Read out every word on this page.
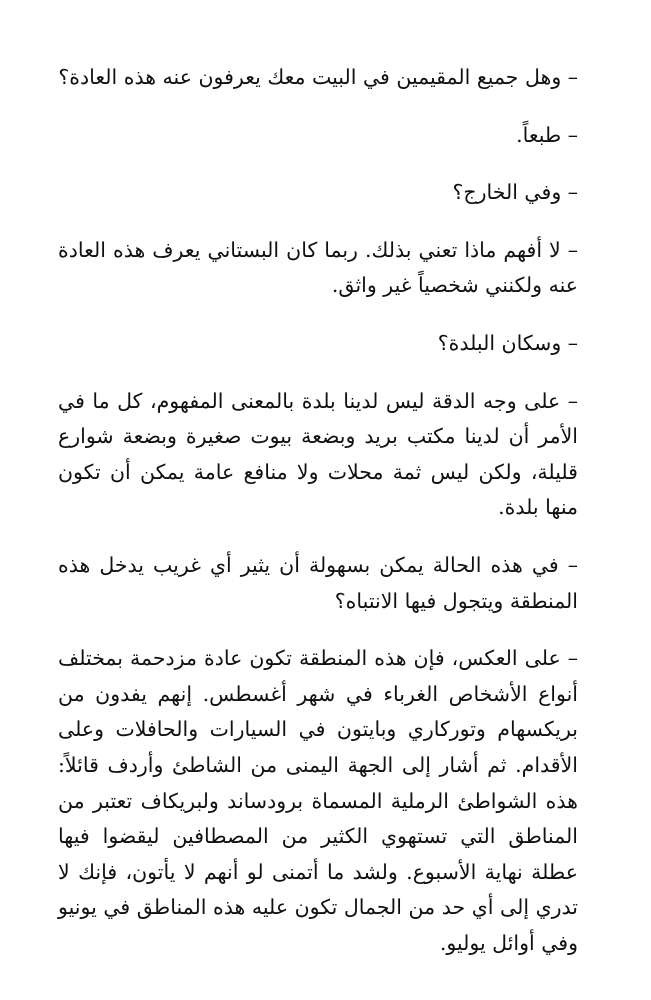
– وهل جميع المقيمين في البيت معك يعرفون عنه هذه العادة؟

– طبعاً.

– وفي الخارج؟

– لا أفهم ماذا تعني بذلك. ربما كان البستاني يعرف هذه العادة عنه ولكنني شخصياً غير واثق.

– وسكان البلدة؟

– على وجه الدقة ليس لدينا بلدة بالمعنى المفهوم، كل ما في الأمر أن لدينا مكتب بريد وبضعة بيوت صغيرة وبضعة شوارع قليلة، ولكن ليس ثمة محلات ولا منافع عامة يمكن أن تكون منها بلدة.

– في هذه الحالة يمكن بسهولة أن يثير أي غريب يدخل هذه المنطقة ويتجول فيها الانتباه؟

– على العكس، فإن هذه المنطقة تكون عادة مزدحمة بمختلف أنواع الأشخاص الغرباء في شهر أغسطس. إنهم يفدون من بريكسهام وتوركاري وبايتون في السيارات والحافلات وعلى الأقدام. ثم أشار إلى الجهة اليمنى من الشاطئ وأردف قائلاً: هذه الشواطئ الرملية المسماة برودساند ولبريكاف تعتبر من المناطق التي تستهوي الكثير من المصطافين ليقضوا فيها عطلة نهاية الأسبوع. ولشد ما أتمنى لو أنهم لا يأتون، فإنك لا تدري إلى أي حد من الجمال تكون عليه هذه المناطق في يونيو وفي أوائل يوليو.
